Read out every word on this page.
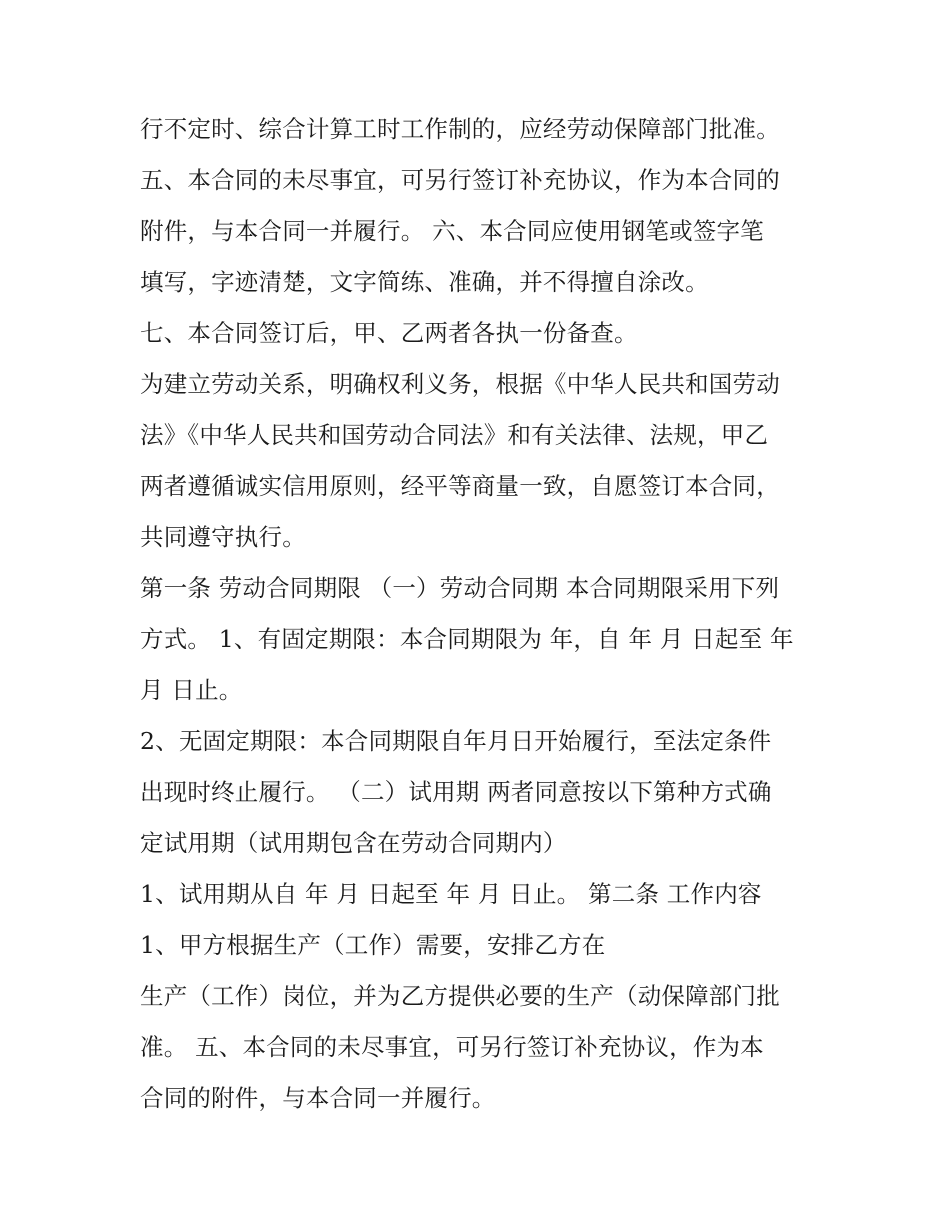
行不定时、综合计算工时工作制的，应经劳动保障部门批准。
五、本合同的未尽事宜，可另行签订补充协议，作为本合同的
附件，与本合同一并履行。 六、本合同应使用钢笔或签字笔
填写，字迹清楚，文字简练、准确，并不得擅自涂改。
七、本合同签订后，甲、乙两者各执一份备查。
为建立劳动关系，明确权利义务，根据《中华人民共和国劳动
法》《中华人民共和国劳动合同法》和有关法律、法规，甲乙
两者遵循诚实信用原则，经平等商量一致，自愿签订本合同，
共同遵守执行。
第一条 劳动合同期限 （一）劳动合同期 本合同期限采用下列
方式。 1、有固定期限：本合同期限为 年，自 年 月 日起至 年
月 日止。
2、无固定期限：本合同期限自年月日开始履行，至法定条件
出现时终止履行。 （二）试用期 两者同意按以下第种方式确
定试用期（试用期包含在劳动合同期内）
1、试用期从自 年 月 日起至 年 月 日止。 第二条 工作内容
1、甲方根据生产（工作）需要，安排乙方在
生产（工作）岗位，并为乙方提供必要的生产（动保障部门批
准。 五、本合同的未尽事宜，可另行签订补充协议，作为本
合同的附件，与本合同一并履行。
